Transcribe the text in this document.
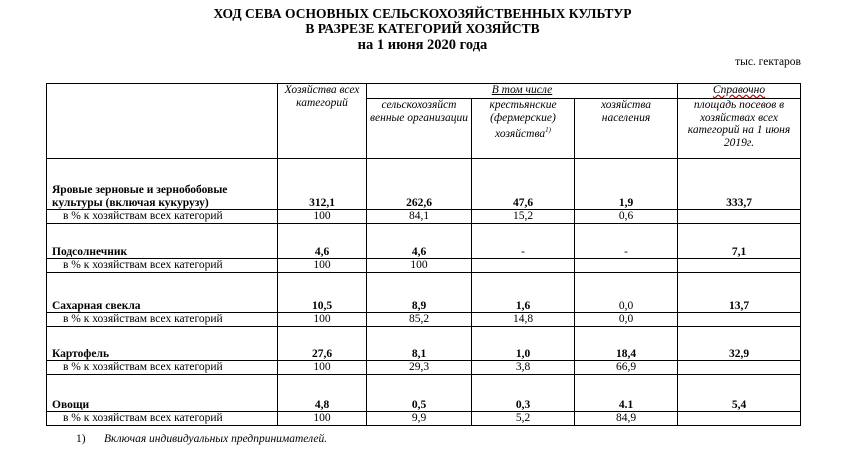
ХОД СЕВА ОСНОВНЫХ СЕЛЬСКОХОЗЯЙСТВЕННЫХ КУЛЬТУР
В РАЗРЕЗЕ КАТЕГОРИЙ ХОЗЯЙСТВ
на 1 июня 2020 года
тыс. гектаров
	Хозяйства всех категорий	В том числе			Справочно
		сельскохозяйст венные организации	крестьянские (фермерские) хозяйства$^{1)}$	хозяйства населения	площадь посевов в хозяйствах всех категорий на 1 июня 2019г.

Яровые зерновые и зернобобовые
культуры (включая кукурузу)	312,1	262,6	47,6	1,9	333,7
в % к хозяйствам всех категорий	100	84,1	15,2	0,6	
Подсолнечник	4,6	4,6	-	-	7,1
в % к хозяйствам всех категорий	100	100			
Сахарная свекла	10,5	8,9	1,6	0,0	13,7
в % к хозяйствам всех категорий	100	85,2	14,8	0,0	
Картофель	27,6	8,1	1,0	18,4	32,9
в % к хозяйствам всех категорий	100	29,3	3,8	66,9	
Овощи	4,8	0,5	0,3	4.1	5,4
в % к хозяйствам всех категорий	100	9,9	5,2	84,9	
1) Включая индивидуальных предпринимателей.
